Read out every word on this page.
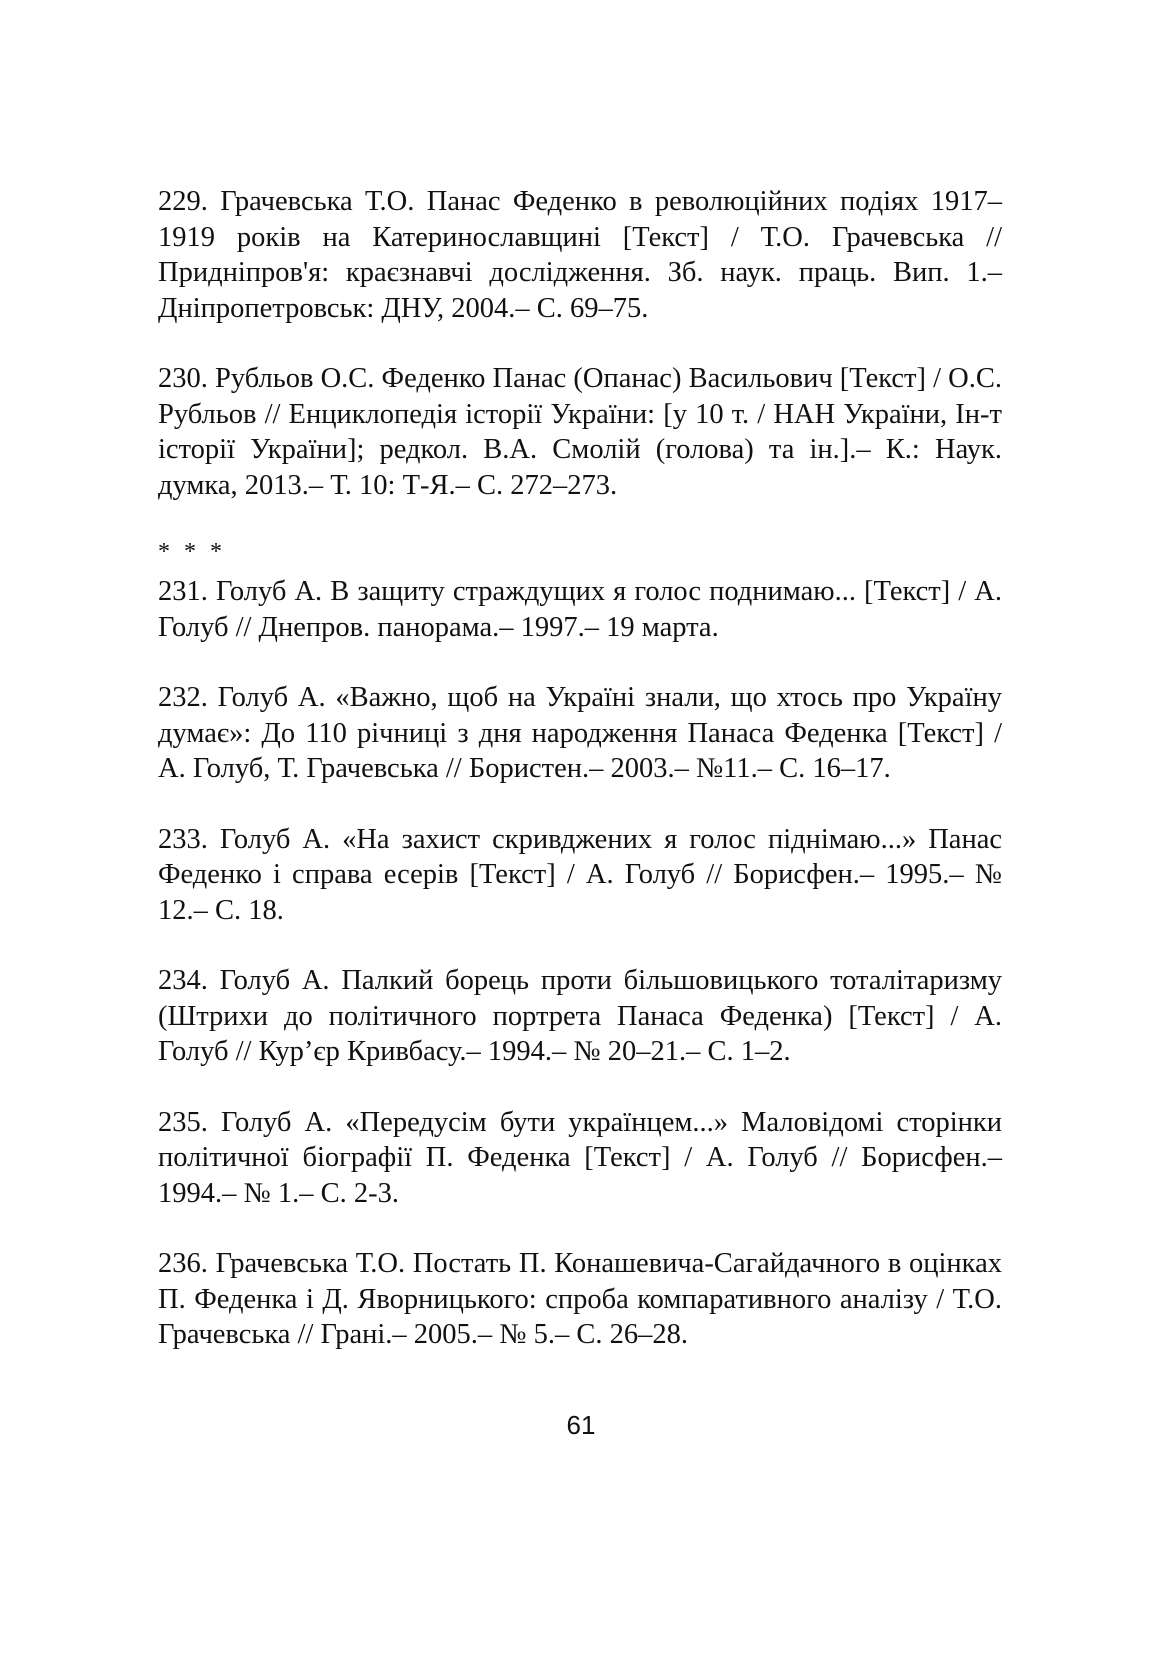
229. Грачевська Т.О. Панас Феденко в революційних подіях 1917–1919 років на Катеринославщині [Текст] / Т.О. Грачевська // Придніпров'я: краєзнавчі дослідження. Зб. наук. праць. Вип. 1.– Дніпропетровськ: ДНУ, 2004.– С. 69–75.

230. Рубльов О.С. Феденко Панас (Опанас) Васильович [Текст] / О.С. Рубльов // Енциклопедія історії України: [у 10 т. / НАН України, Ін-т історії України]; редкол. В.А. Смолій (голова) та ін.].– К.: Наук. думка, 2013.– Т. 10: Т-Я.– С. 272–273.

* * *

231. Голуб А. В защиту страждущих я голос поднимаю... [Текст] / А. Голуб // Днепров. панорама.– 1997.– 19 марта.

232. Голуб А. «Важно, щоб на Україні знали, що хтось про Україну думає»: До 110 річниці з дня народження Панаса Феденка [Текст] / А. Голуб, Т. Грачевська // Бористен.– 2003.– №11.– С. 16–17.

233. Голуб А. «На захист скривджених я голос піднімаю...» Панас Феденко і справа есерів [Текст] / А. Голуб // Борисфен.– 1995.– № 12.– С. 18.

234. Голуб А. Палкий борець проти більшовицького тоталітаризму (Штрихи до політичного портрета Панаса Феденка) [Текст] / А. Голуб // Кур’єр Кривбасу.– 1994.– № 20–21.– С. 1–2.

235. Голуб А. «Передусім бути українцем...» Маловідомі сторінки політичної біографії П. Феденка [Текст] / А. Голуб // Борисфен.– 1994.– № 1.– С. 2-3.

236. Грачевська Т.О. Постать П. Конашевича-Сагайдачного в оцінках П. Феденка і Д. Яворницького: спроба компаративного аналізу / Т.О. Грачевська // Грані.– 2005.– № 5.– С. 26–28.

61
